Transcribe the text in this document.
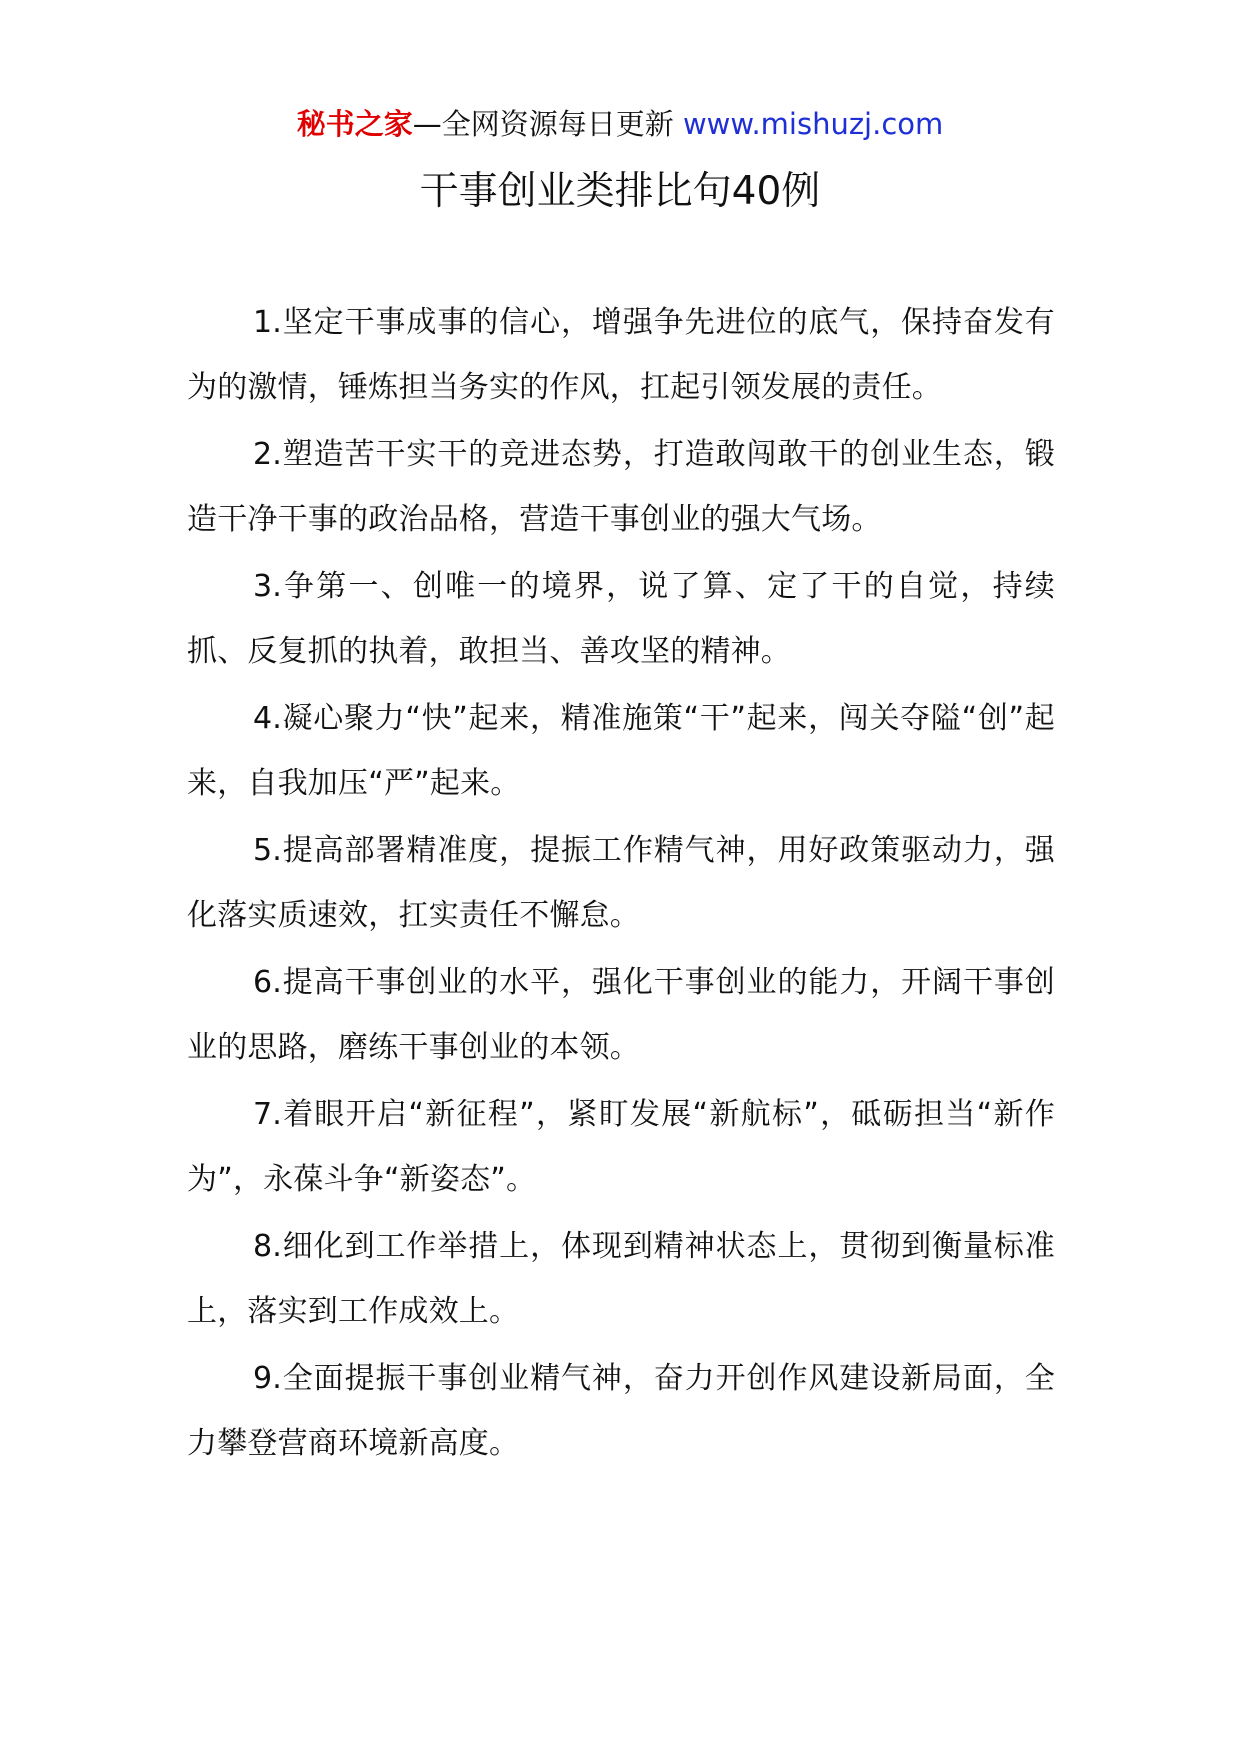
秘书之家—全网资源每日更新 www.mishuzj.com
干事创业类排比句40例

1.坚定干事成事的信心，增强争先进位的底气，保持奋发有为的激情，锤炼担当务实的作风，扛起引领发展的责任。

2.塑造苦干实干的竞进态势，打造敢闯敢干的创业生态，锻造干净干事的政治品格，营造干事创业的强大气场。

3.争第一、创唯一的境界，说了算、定了干的自觉，持续抓、反复抓的执着，敢担当、善攻坚的精神。

4.凝心聚力“快”起来，精准施策“干”起来，闯关夺隘“创”起来，自我加压“严”起来。

5.提高部署精准度，提振工作精气神，用好政策驱动力，强化落实质速效，扛实责任不懈怠。

6.提高干事创业的水平，强化干事创业的能力，开阔干事创业的思路，磨练干事创业的本领。

7.着眼开启“新征程”，紧盯发展“新航标”，砥砺担当“新作为”，永葆斗争“新姿态”。

8.细化到工作举措上，体现到精神状态上，贯彻到衡量标准上，落实到工作成效上。

9.全面提振干事创业精气神，奋力开创作风建设新局面，全力攀登营商环境新高度。
